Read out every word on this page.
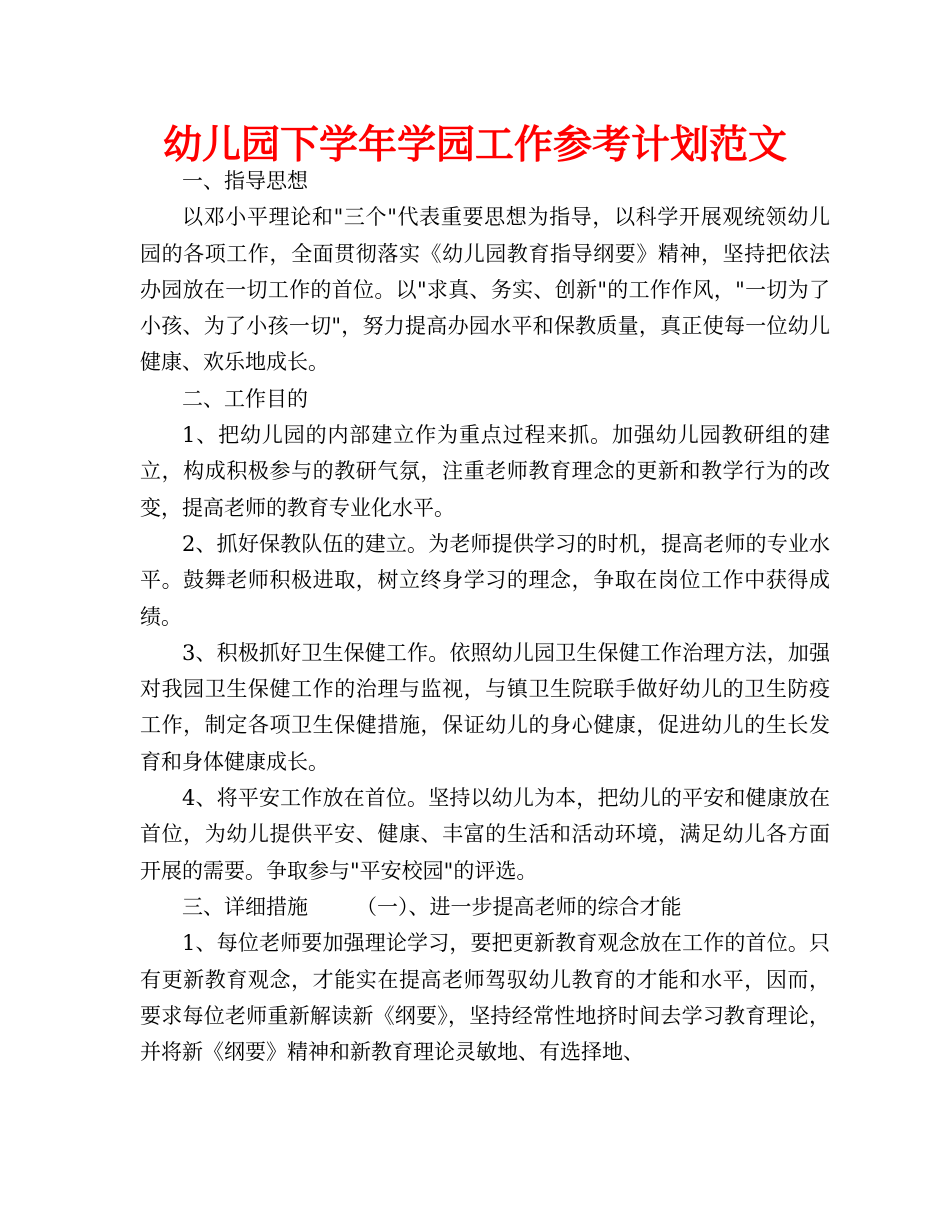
幼儿园下学年学园工作参考计划范文

一、指导思想

以邓小平理论和"三个"代表重要思想为指导，以科学开展观统领幼儿园的各项工作，全面贯彻落实《幼儿园教育指导纲要》精神，坚持把依法办园放在一切工作的首位。以"求真、务实、创新"的工作作风，"一切为了小孩、为了小孩一切"，努力提高办园水平和保教质量，真正使每一位幼儿健康、欢乐地成长。

二、工作目的

1、把幼儿园的内部建立作为重点过程来抓。加强幼儿园教研组的建立，构成积极参与的教研气氛，注重老师教育理念的更新和教学行为的改变，提高老师的教育专业化水平。

2、抓好保教队伍的建立。为老师提供学习的时机，提高老师的专业水平。鼓舞老师积极进取，树立终身学习的理念，争取在岗位工作中获得成绩。

3、积极抓好卫生保健工作。依照幼儿园卫生保健工作治理方法，加强对我园卫生保健工作的治理与监视，与镇卫生院联手做好幼儿的卫生防疫工作，制定各项卫生保健措施，保证幼儿的身心健康，促进幼儿的生长发育和身体健康成长。

4、将平安工作放在首位。坚持以幼儿为本，把幼儿的平安和健康放在首位，为幼儿提供平安、健康、丰富的生活和活动环境，满足幼儿各方面开展的需要。争取参与"平安校园"的评选。

三、详细措施 （一）、进一步提高老师的综合才能

1、每位老师要加强理论学习，要把更新教育观念放在工作的首位。只有更新教育观念，才能实在提高老师驾驭幼儿教育的才能和水平，因而，要求每位老师重新解读新《纲要》，坚持经常性地挤时间去学习教育理论，并将新《纲要》精神和新教育理论灵敏地、有选择地、
